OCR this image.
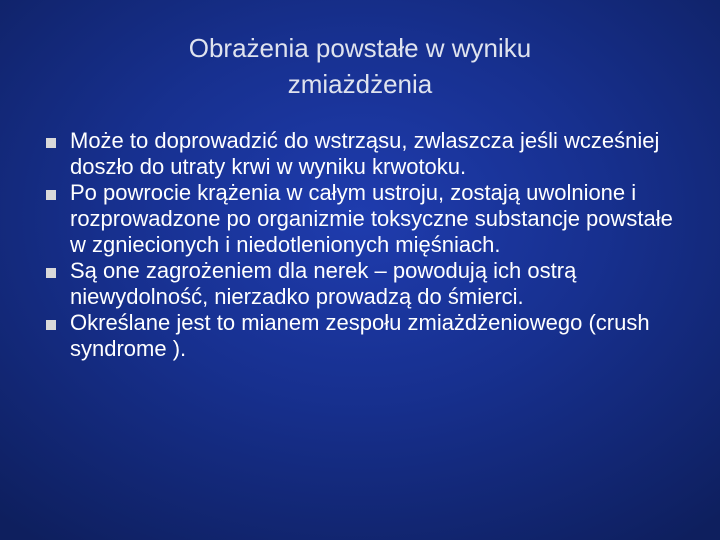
Obrażenia powstałe w wyniku
zmiażdżenia
Może to doprowadzić do wstrząsu, zwlaszcza jeśli wcześniej doszło do utraty krwi w wyniku krwotoku.
Po powrocie krążenia w całym ustroju, zostają uwolnione i rozprowadzone po organizmie toksyczne substancje powstałe w zgniecionych i niedotlenionych mięśniach.
Są one zagrożeniem dla nerek – powodują ich ostrą niewydolność, nierzadko prowadzą do śmierci.
Określane jest to mianem zespołu zmiażdżeniowego (crush syndrome ).
